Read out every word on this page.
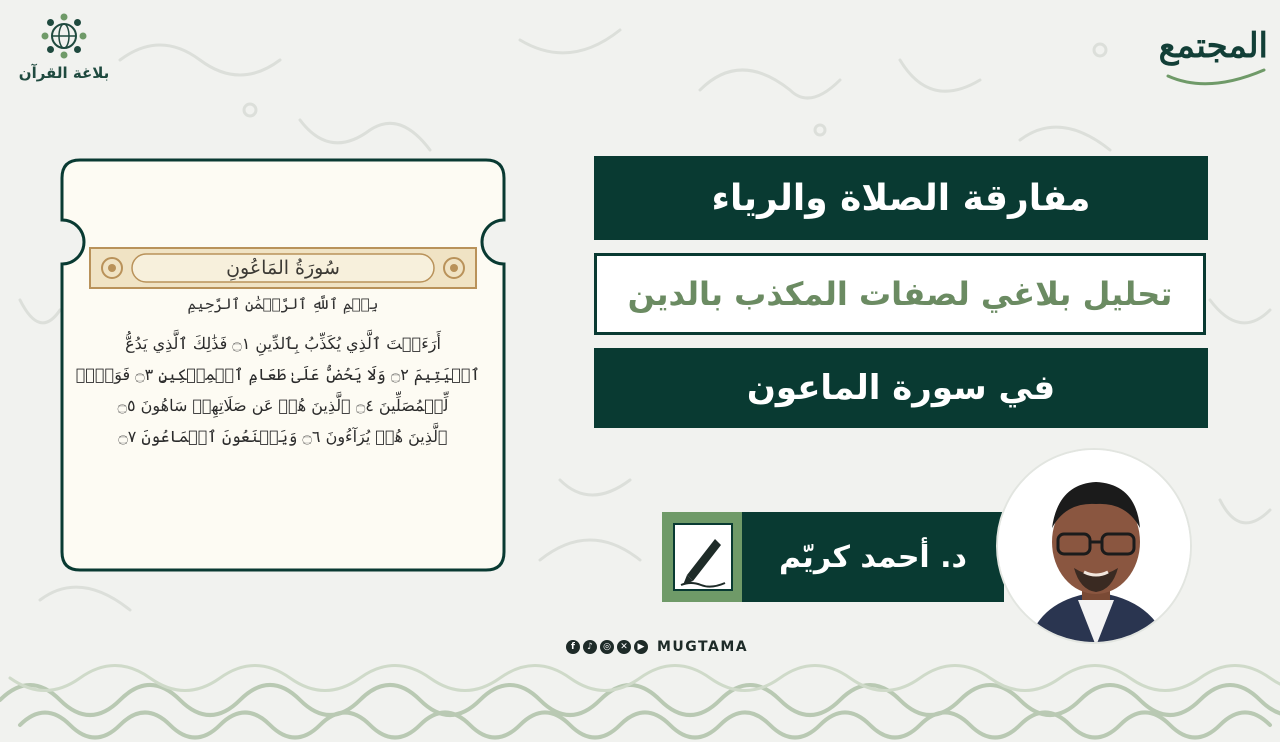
بلاغة القرآن
المجتمع
سُورَةُ المَاعُونِ
بِسۡمِ ٱللَّهِ ٱلرَّحۡمَٰنِ ٱلرَّحِيمِ
أَرَءَيۡتَ ٱلَّذِي يُكَذِّبُ بِٱلدِّينِ ۝١ فَذَٰلِكَ ٱلَّذِي يَدُعُّ
ٱلۡيَتِيمَ ۝٢ وَلَا يَحُضُّ عَلَىٰ طَعَامِ ٱلۡمِسۡكِينِ ۝٣ فَوَيۡلٞ
لِّلۡمُصَلِّينَ ۝٤ ٱلَّذِينَ هُمۡ عَن صَلَاتِهِمۡ سَاهُونَ ۝٥
ٱلَّذِينَ هُمۡ يُرَآءُونَ ۝٦ وَيَمۡنَعُونَ ٱلۡمَاعُونَ ۝٧
مفارقة الصلاة والرياء
تحليل بلاغي لصفات المكذب بالدين
في سورة الماعون
د. أحمد كريّم
f	♪	◎	✕	▶ MUGTAMA
